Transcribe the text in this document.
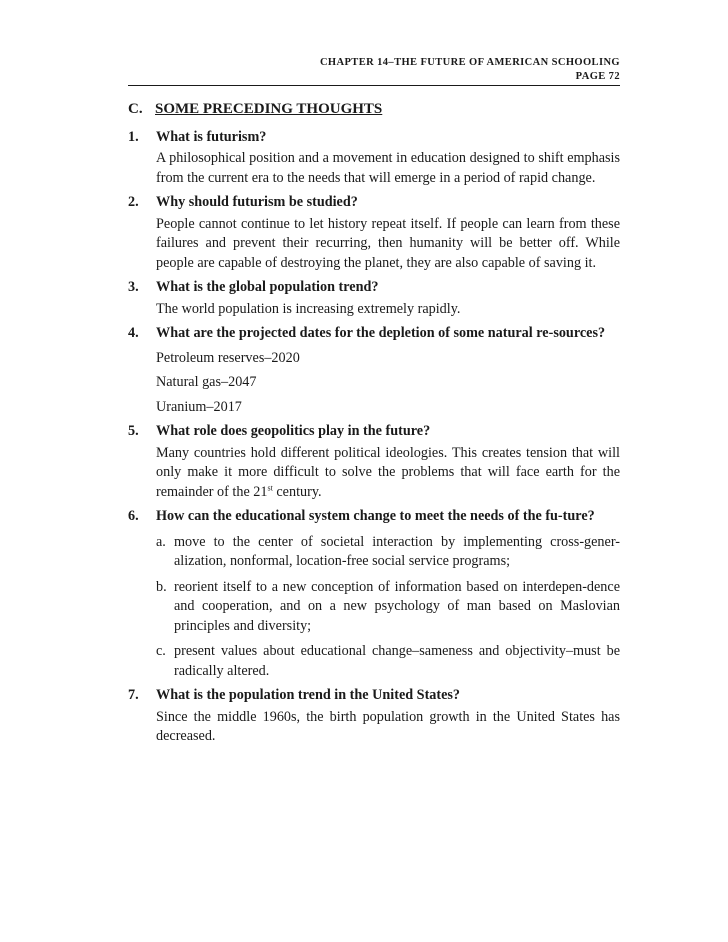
CHAPTER 14–THE FUTURE OF AMERICAN SCHOOLING
PAGE 72
C. SOME PRECEDING THOUGHTS
1.	What is futurism?
A philosophical position and a movement in education designed to shift emphasis from the current era to the needs that will emerge in a period of rapid change.
2.	Why should futurism be studied?
People cannot continue to let history repeat itself. If people can learn from these failures and prevent their recurring, then humanity will be better off. While people are capable of destroying the planet, they are also capable of saving it.
3.	What is the global population trend?
The world population is increasing extremely rapidly.
4.	What are the projected dates for the depletion of some natural re-sources?
Petroleum reserves–2020
Natural gas–2047
Uranium–2017
5.	What role does geopolitics play in the future?
Many countries hold different political ideologies. This creates tension that will only make it more difficult to solve the problems that will face earth for the remainder of the 21st century.
6.	How can the educational system change to meet the needs of the fu-ture?
a. move to the center of societal interaction by implementing cross-gener-alization, nonformal, location-free social service programs;
b. reorient itself to a new conception of information based on interdepen-dence and cooperation, and on a new psychology of man based on Maslovian principles and diversity;
c. present values about educational change–sameness and objectivity–must be radically altered.
7.	What is the population trend in the United States?
Since the middle 1960s, the birth population growth in the United States has decreased.
